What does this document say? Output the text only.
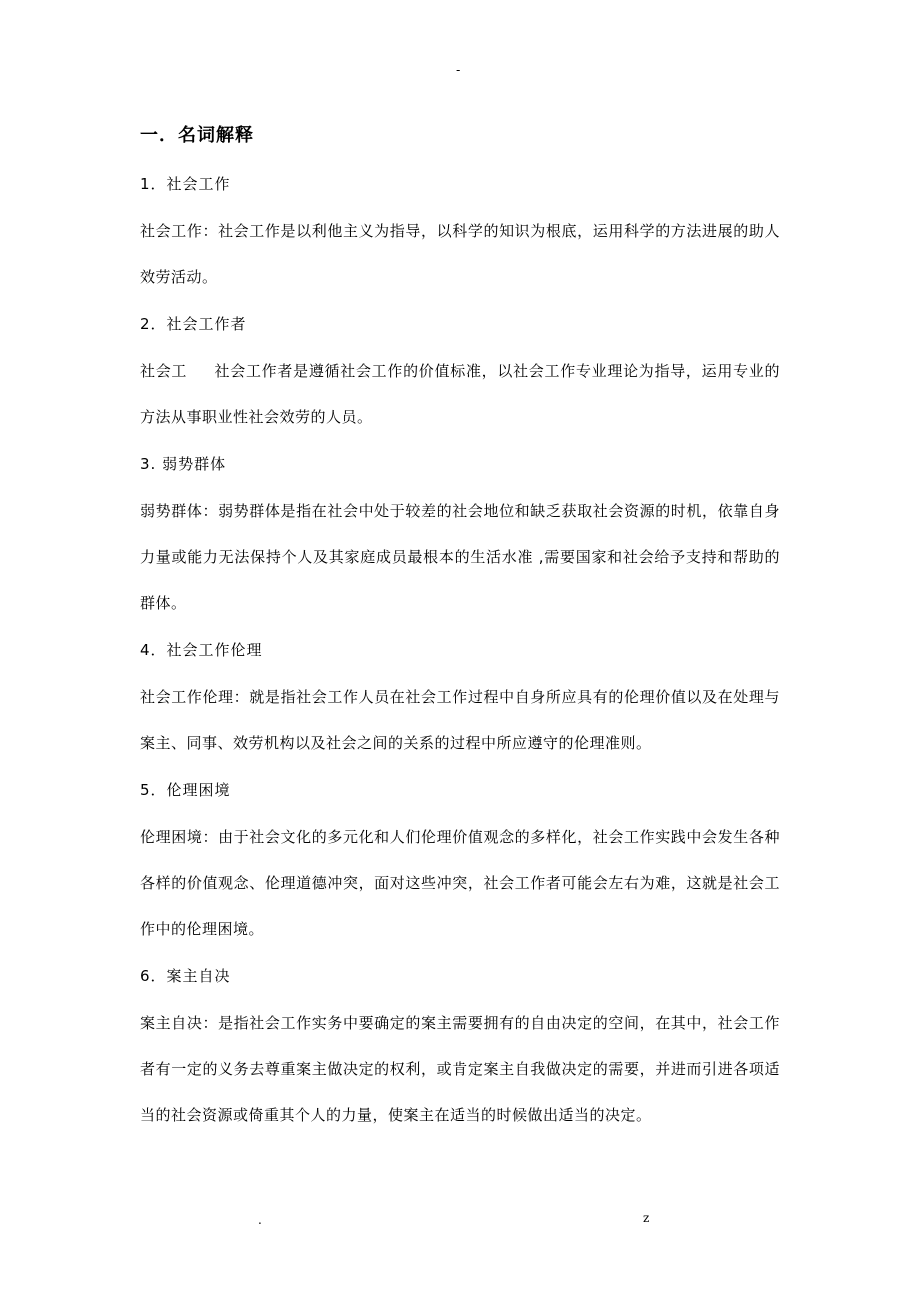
-
一．名词解释
1．社会工作
社会工作：社会工作是以利他主义为指导，以科学的知识为根底，运用科学的方法进展的助人效劳活动。
2．社会工作者
社会工     社会工作者是遵循社会工作的价值标准，以社会工作专业理论为指导，运用专业的方法从事职业性社会效劳的人员。
3. 弱势群体
弱势群体：弱势群体是指在社会中处于较差的社会地位和缺乏获取社会资源的时机，依靠自身力量或能力无法保持个人及其家庭成员最根本的生活水准 ,需要国家和社会给予支持和帮助的群体。
4．社会工作伦理
社会工作伦理：就是指社会工作人员在社会工作过程中自身所应具有的伦理价值以及在处理与案主、同事、效劳机构以及社会之间的关系的过程中所应遵守的伦理准则。
5．伦理困境
伦理困境：由于社会文化的多元化和人们伦理价值观念的多样化，社会工作实践中会发生各种各样的价值观念、伦理道德冲突，面对这些冲突，社会工作者可能会左右为难，这就是社会工作中的伦理困境。
6．案主自决
案主自决：是指社会工作实务中要确定的案主需要拥有的自由决定的空间，在其中，社会工作者有一定的义务去尊重案主做决定的权利，或肯定案主自我做决定的需要，并进而引进各项适当的社会资源或倚重其个人的力量，使案主在适当的时候做出适当的决定。
.	z
